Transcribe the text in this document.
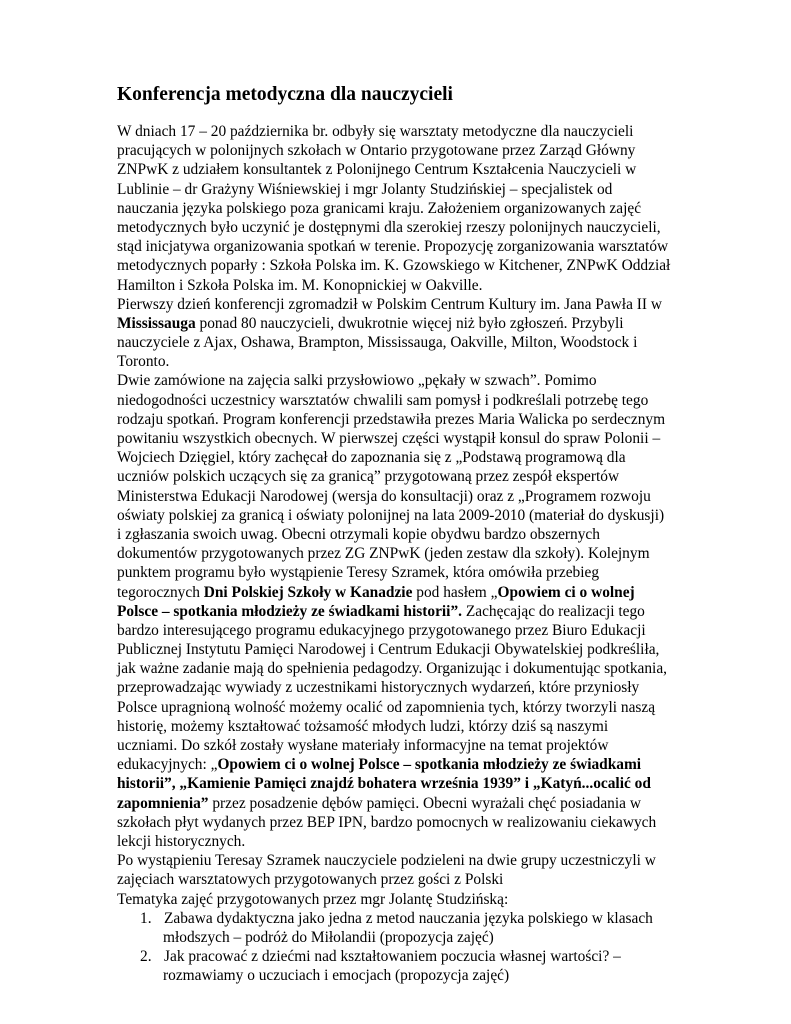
Konferencja metodyczna dla nauczycieli
W dniach 17 – 20 października br. odbyły się warsztaty metodyczne dla nauczycieli
pracujących w polonijnych szkołach w Ontario przygotowane przez Zarząd Główny
ZNPwK z udziałem konsultantek z Polonijnego Centrum Kształcenia Nauczycieli w
Lublinie – dr Grażyny Wiśniewskiej i mgr Jolanty Studzińskiej – specjalistek od
nauczania języka polskiego poza granicami kraju. Założeniem organizowanych zajęć
metodycznych było uczynić je dostępnymi dla szerokiej rzeszy polonijnych nauczycieli,
stąd inicjatywa organizowania spotkań w terenie. Propozycję zorganizowania warsztatów
metodycznych poparły : Szkoła Polska im. K. Gzowskiego w Kitchener, ZNPwK Oddział
Hamilton i Szkoła Polska im. M. Konopnickiej w Oakville.
Pierwszy dzień konferencji zgromadził w Polskim Centrum Kultury im. Jana Pawła II w
Mississauga ponad 80 nauczycieli, dwukrotnie więcej niż było zgłoszeń. Przybyli
nauczyciele z Ajax, Oshawa, Brampton, Mississauga, Oakville, Milton, Woodstock i
Toronto.
Dwie zamówione na zajęcia salki przysłowiowo „pękały w szwach”. Pomimo
niedogodności uczestnicy warsztatów chwalili sam pomysł i podkreślali potrzebę tego
rodzaju spotkań. Program konferencji przedstawiła prezes Maria Walicka po serdecznym
powitaniu wszystkich obecnych. W pierwszej części wystąpił konsul do spraw Polonii –
Wojciech Dzięgiel, który zachęcał do zapoznania się z „Podstawą programową dla
uczniów polskich uczących się za granicą” przygotowaną przez zespół ekspertów
Ministerstwa Edukacji Narodowej (wersja do konsultacji) oraz z „Programem rozwoju
oświaty polskiej za granicą i oświaty polonijnej na lata 2009-2010 (materiał do dyskusji)
i zgłaszania swoich uwag. Obecni otrzymali kopie obydwu bardzo obszernych
dokumentów przygotowanych przez ZG ZNPwK (jeden zestaw dla szkoły). Kolejnym
punktem programu było wystąpienie Teresy Szramek, która omówiła przebieg
tegorocznych Dni Polskiej Szkoły w Kanadzie pod hasłem „Opowiem ci o wolnej
Polsce – spotkania młodzieży ze świadkami historii”. Zachęcając do realizacji tego
bardzo interesującego programu edukacyjnego przygotowanego przez Biuro Edukacji
Publicznej Instytutu Pamięci Narodowej i Centrum Edukacji Obywatelskiej podkreśliła,
jak ważne zadanie mają do spełnienia pedagodzy. Organizując i dokumentując spotkania,
przeprowadzając wywiady z uczestnikami historycznych wydarzeń, które przyniosły
Polsce upragnioną wolność możemy ocalić od zapomnienia tych, którzy tworzyli naszą
historię, możemy kształtować tożsamość młodych ludzi, którzy dziś są naszymi
uczniami. Do szkół zostały wysłane materiały informacyjne na temat projektów
edukacyjnych: „Opowiem ci o wolnej Polsce – spotkania młodzieży ze świadkami
historii”, „Kamienie Pamięci znajdź bohatera września 1939” i „Katyń...ocalić od
zapomnienia” przez posadzenie dębów pamięci. Obecni wyrażali chęć posiadania w
szkołach płyt wydanych przez BEP IPN, bardzo pomocnych w realizowaniu ciekawych
lekcji historycznych.
Po wystąpieniu Teresay Szramek nauczyciele podzieleni na dwie grupy uczestniczyli w
zajęciach warsztatowych przygotowanych przez gości z Polski
Tematyka zajęć przygotowanych przez mgr Jolantę Studzińską:
1. Zabawa dydaktyczna jako jedna z metod nauczania języka polskiego w klasach
młodszych – podróż do Miłolandii (propozycja zajęć)
2. Jak pracować z dziećmi nad kształtowaniem poczucia własnej wartości? –
rozmawiamy o uczuciach i emocjach (propozycja zajęć)
